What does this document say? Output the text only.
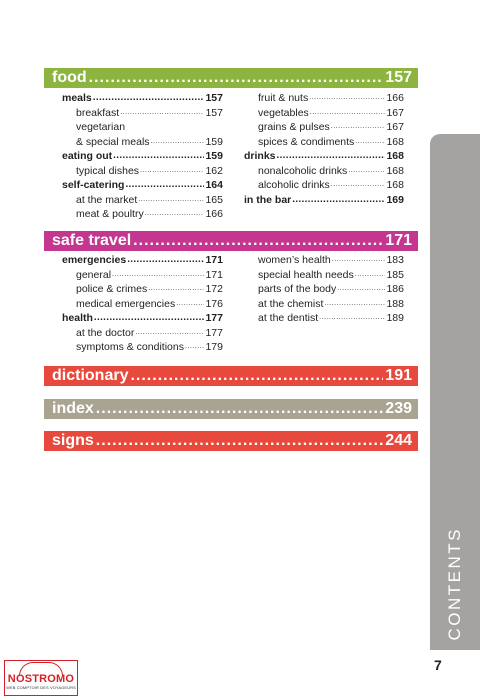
food .....	157
meals .....	157
breakfast .....	157
vegetarian
& special meals .....	159
eating out .....	159
typical dishes .....	162
self-catering .....	164
at the market .....	165
meat & poultry .....	166
fruit & nuts .....	166
vegetables .....	167
grains & pulses .....	167
spices & condiments .....	168
drinks .....	168
nonalcoholic drinks .....	168
alcoholic drinks .....	168
in the bar .....	169
safe travel .....	171
emergencies .....	171
general .....	171
police & crimes .....	172
medical emergencies .....	176
health .....	177
at the doctor .....	177
symptoms & conditions ..... 179
women’s health .....	183
special health needs .....	185
parts of the body .....	186
at the chemist .....	188
at the dentist .....	189
dictionary .....	191
index .....	239
signs .....	244
CONTENTS
7
NOSTROMO
WEB COMPTOIR DES VOYAGEURS
